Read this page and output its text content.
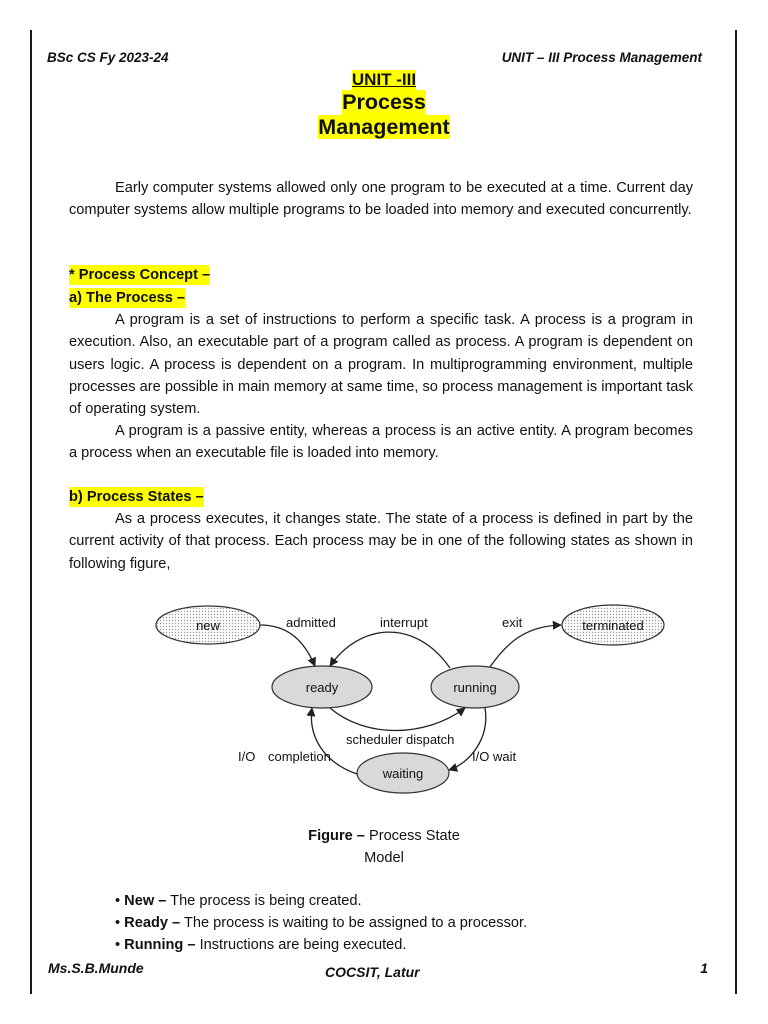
BSc CS Fy 2023-24	UNIT – III Process Management
UNIT -III
Process
Management

Early computer systems allowed only one program to be executed at a time. Current day computer systems allow multiple programs to be loaded into memory and executed concurrently.

* Process Concept –
a) The Process –

A program is a set of instructions to perform a specific task. A process is a program in execution. Also, an executable part of a program called as process. A program is dependent on users logic. A process is dependent on a program. In multiprogramming environment, multiple processes are possible in main memory at same time, so process management is important task of operating system.

A program is a passive entity, whereas a process is an active entity. A program becomes a process when an executable file is loaded into memory.

b) Process States –

As a process executes, it changes state. The state of a process is defined in part by the current activity of that process. Each process may be in one of the following states as shown in following figure,

new
ready	running
waiting
terminated
admitted	interrupt	exit
scheduler dispatch
I/O completion	I/O wait
Figure – Process State Model
• New – The process is being created.
• Ready – The process is waiting to be assigned to a processor.
• Running – Instructions are being executed.
Ms.S.B.Munde	COCSIT, Latur	1
